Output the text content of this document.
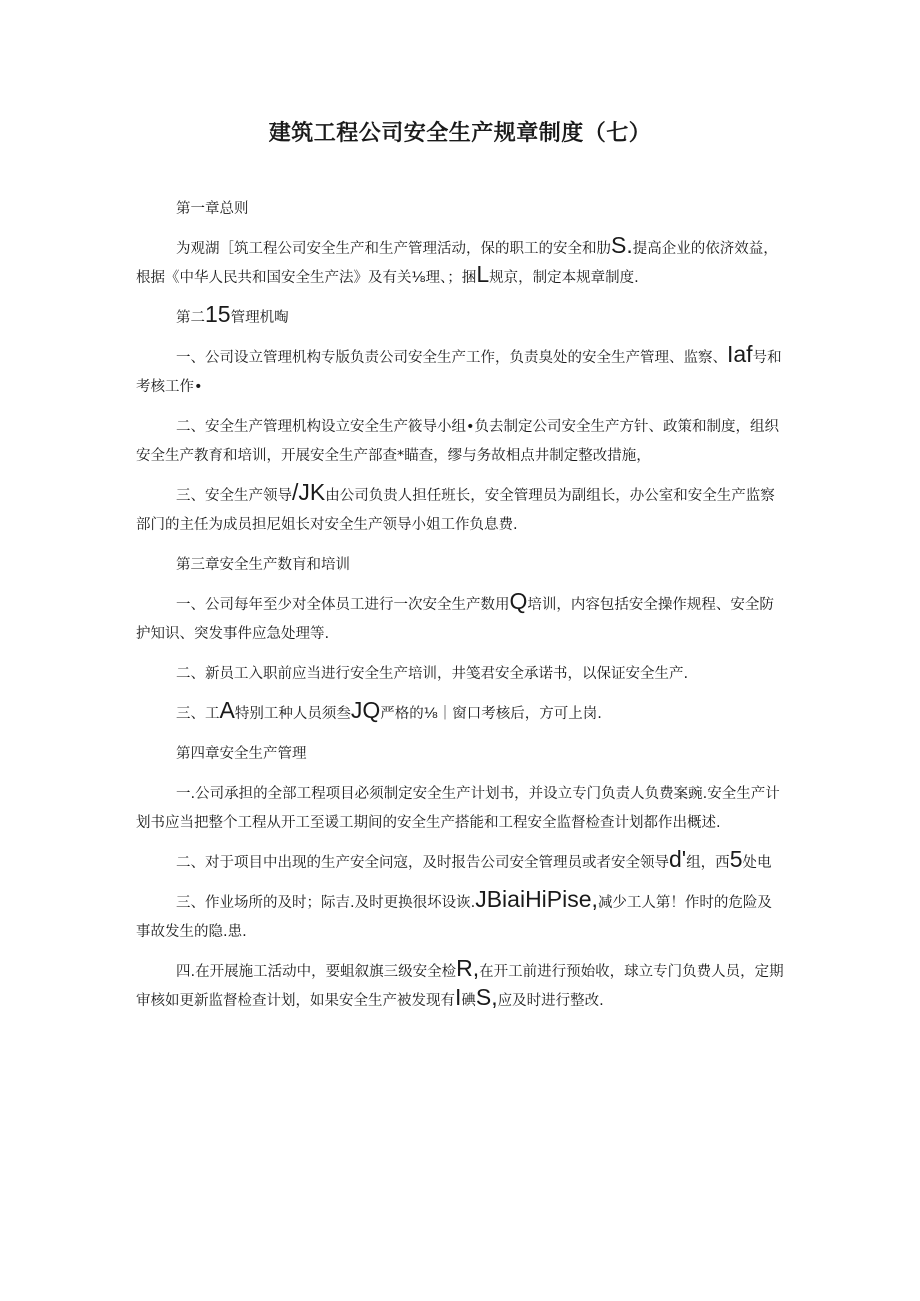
建筑工程公司安全生产规章制度（七）

第一章总则

为观湖［筑工程公司安全生产和生产管理活动，保的职工的安全和肋S.提高企业的依济效益，根据《中华人民共和国安全生产法》及有关⅛理、；捆L规京，制定本规章制度.

第二15管理机啕

一、公司设立管理机构专版负责公司安全生产工作，负责臭处的安全生产管理、监察、Iaf号和考核工作•

二、安全生产管理机构设立安全生产筱导小组•负去制定公司安全生产方针、政策和制度，组织安全生产教育和培训，开展安全生产部查*瞄查，缪与务故相点井制定整改措施，

三、安全生产领导/JK由公司负贵人担任班长，安全管理员为副组长，办公室和安全生产监察部门的主任为成员担尼姐长对安全生产领导小姐工作负息费.

第三章安全生产数肓和培训

一、公司每年至少对全体员工进行一次安全生产数用Q培训，内容包括安全操作规程、安全防护知识、突发事件应急处理等.

二、新员工入职前应当进行安全生产培训，井笺君安全承诺书，以保证安全生产.

三、工A特别工种人员须叁JQ严格的⅛｜窗口考核后，方可上岗.

第四章安全生产管理

一.公司承担的全部工程项目必须制定安全生产计划书，并设立专门负责人负费案豌.安全生产计划书应当把整个工程从开工至谖工期间的安全生产搭能和工程安全监督检查计划都作出概述.

二、对于项目中出现的生产安全问寇，及时报告公司安全管理员或者安全领导d'组，西5处电

三、作业场所的及时；际吉.及时更换很坏设诙.JBiaiHiPise,减少工人第！作时的危险及事故发生的隐.患.

四.在开展施工活动中，要蛆叙旗三级安全检R,在开工前进行预始收，球立专门负费人员，定期审核如更新监督检查计划，如果安全生产被发现有I碘S,应及时进行整改.
